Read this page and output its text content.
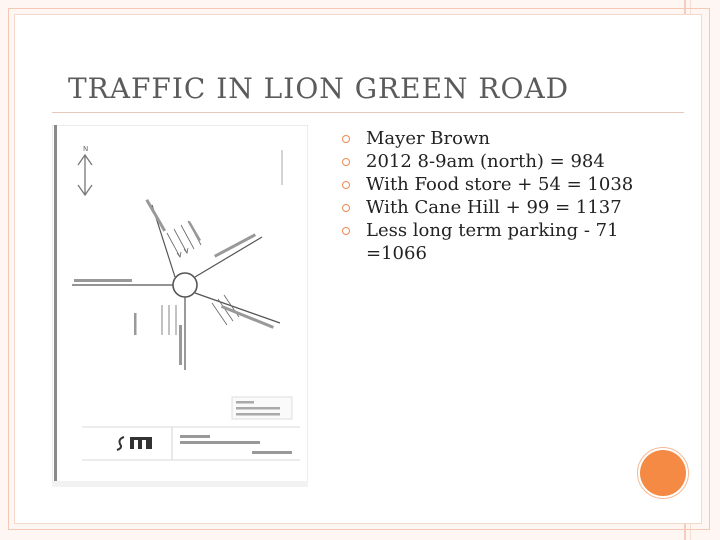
TRAFFIC IN LION GREEN ROAD
N	Mayer Brown
2012 8-9am (north) = 984
With Food store + 54 = 1038
With Cane Hill + 99 = 1137
Less long term parking - 71 =1066
